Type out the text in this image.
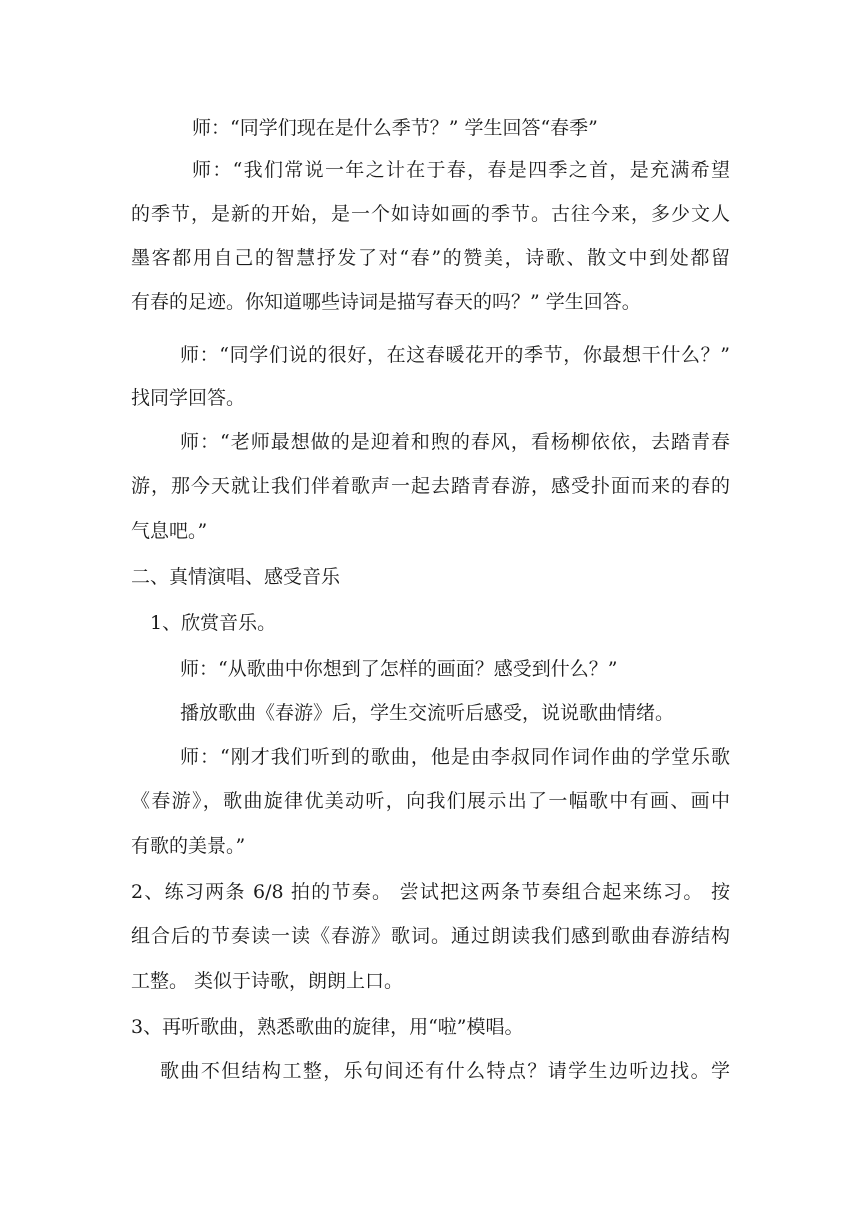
师：“同学们现在是什么季节？” 学生回答“春季”
师：“我们常说一年之计在于春，春是四季之首，是充满希望
的季节，是新的开始，是一个如诗如画的季节。古往今来，多少文人
墨客都用自己的智慧抒发了对“春”的赞美，诗歌、散文中到处都留
有春的足迹。你知道哪些诗词是描写春天的吗？” 学生回答。
师：“同学们说的很好，在这春暖花开的季节，你最想干什么？”
找同学回答。
师：“老师最想做的是迎着和煦的春风，看杨柳依依，去踏青春
游，那今天就让我们伴着歌声一起去踏青春游，感受扑面而来的春的
气息吧。”
二、真情演唱、感受音乐
1、欣赏音乐。
师：“从歌曲中你想到了怎样的画面？感受到什么？”
播放歌曲《春游》后，学生交流听后感受，说说歌曲情绪。
师：“刚才我们听到的歌曲，他是由李叔同作词作曲的学堂乐歌
《春游》，歌曲旋律优美动听，向我们展示出了一幅歌中有画、画中
有歌的美景。”
2、练习两条 6/8 拍的节奏。 尝试把这两条节奏组合起来练习。 按
组合后的节奏读一读《春游》歌词。通过朗读我们感到歌曲春游结构
工整。 类似于诗歌，朗朗上口。
3、再听歌曲，熟悉歌曲的旋律，用“啦”模唱。
歌曲不但结构工整，乐句间还有什么特点？请学生边听边找。学
